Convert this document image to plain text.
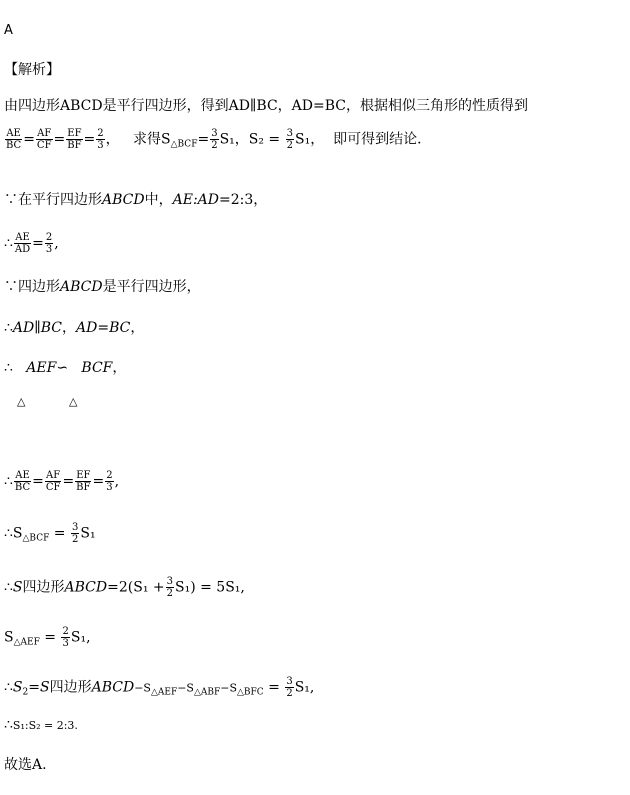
A
【解析】
由四边形ABCD是平行四边形，得到AD∥BC，AD=BC，根据相似三角形的性质得到
$\frac{AE}{BC} = \frac{AF}{CF} = \frac{EF}{BF} = \frac{2}{3}$ ，   求得$S_{\triangle BCF}= \frac{3}{2} S_1$，$S_2 = \frac{3}{2} S_1$，  即可得到结论．
∵在平行四边形ABCD中，AE:AD=2:3，
∴ $\frac{AE}{AD} = \frac{2}{3}$ ,
∵四边形ABCD是平行四边形，
∴AD∥BC，AD=BC，
∴ AEF∽ BCF，
△	△
∴ $\frac{AE}{BC} = \frac{AF}{CF} = \frac{EF}{BF} = \frac{2}{3}$ ,
$\therefore S_{\triangle BCF} = \frac{3}{2} S_1$
∴S四边形ABCD=2(S₁ + $\frac{3}{2} S_1) = 5S_1$,
$S_{\triangle AEF} = \frac{2}{3} S_1$,
$\therefore S_2=S$四边形$ABCD-S_{\triangle AEF}-S_{\triangle ABF}-S_{\triangle BFC} = \frac{3}{2} S_1$,
∴S₁:S₂ = 2:3.
故选A.
